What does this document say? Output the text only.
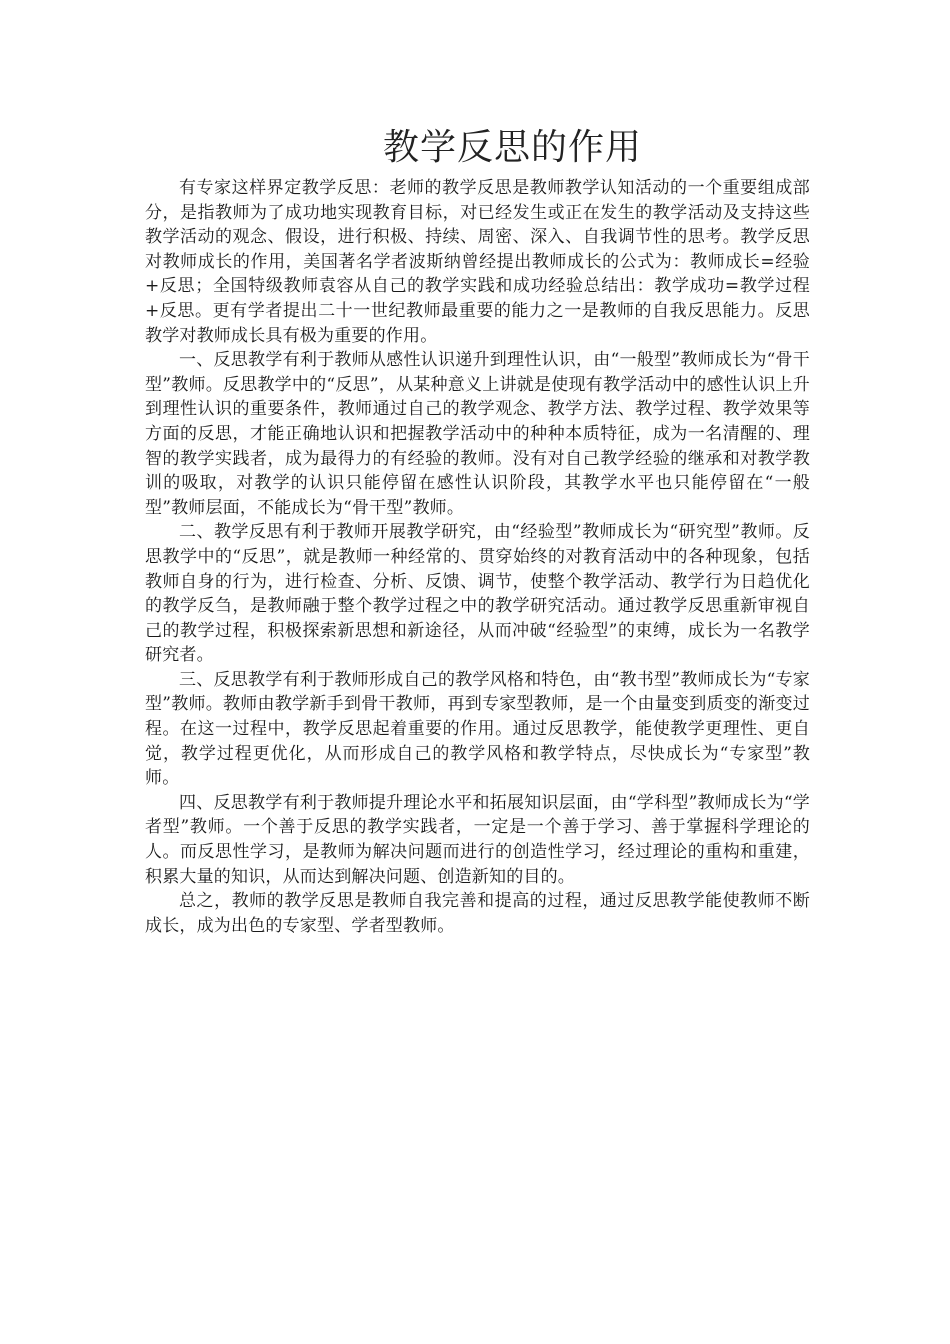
教学反思的作用

有专家这样界定教学反思：老师的教学反思是教师教学认知活动的一个重要组成部分，是指教师为了成功地实现教育目标，对已经发生或正在发生的教学活动及支持这些教学活动的观念、假设，进行积极、持续、周密、深入、自我调节性的思考。教学反思对教师成长的作用，美国著名学者波斯纳曾经提出教师成长的公式为：教师成长=经验+反思；全国特级教师袁容从自己的教学实践和成功经验总结出：教学成功=教学过程+反思。更有学者提出二十一世纪教师最重要的能力之一是教师的自我反思能力。反思教学对教师成长具有极为重要的作用。

一、反思教学有利于教师从感性认识递升到理性认识，由“一般型”教师成长为“骨干型”教师。反思教学中的“反思”，从某种意义上讲就是使现有教学活动中的感性认识上升到理性认识的重要条件，教师通过自己的教学观念、教学方法、教学过程、教学效果等方面的反思，才能正确地认识和把握教学活动中的种种本质特征，成为一名清醒的、理智的教学实践者，成为最得力的有经验的教师。没有对自己教学经验的继承和对教学教训的吸取，对教学的认识只能停留在感性认识阶段，其教学水平也只能停留在“一般型”教师层面，不能成长为“骨干型”教师。

二、教学反思有利于教师开展教学研究，由“经验型”教师成长为“研究型”教师。反思教学中的“反思”，就是教师一种经常的、贯穿始终的对教育活动中的各种现象，包括教师自身的行为，进行检查、分析、反馈、调节，使整个教学活动、教学行为日趋优化的教学反刍，是教师融于整个教学过程之中的教学研究活动。通过教学反思重新审视自己的教学过程，积极探索新思想和新途径，从而冲破“经验型”的束缚，成长为一名教学研究者。

三、反思教学有利于教师形成自己的教学风格和特色，由“教书型”教师成长为“专家型”教师。教师由教学新手到骨干教师，再到专家型教师，是一个由量变到质变的渐变过程。在这一过程中，教学反思起着重要的作用。通过反思教学，能使教学更理性、更自觉，教学过程更优化，从而形成自己的教学风格和教学特点，尽快成长为“专家型”教师。

四、反思教学有利于教师提升理论水平和拓展知识层面，由“学科型”教师成长为“学者型”教师。一个善于反思的教学实践者，一定是一个善于学习、善于掌握科学理论的人。而反思性学习，是教师为解决问题而进行的创造性学习，经过理论的重构和重建，积累大量的知识，从而达到解决问题、创造新知的目的。

总之，教师的教学反思是教师自我完善和提高的过程，通过反思教学能使教师不断成长，成为出色的专家型、学者型教师。
